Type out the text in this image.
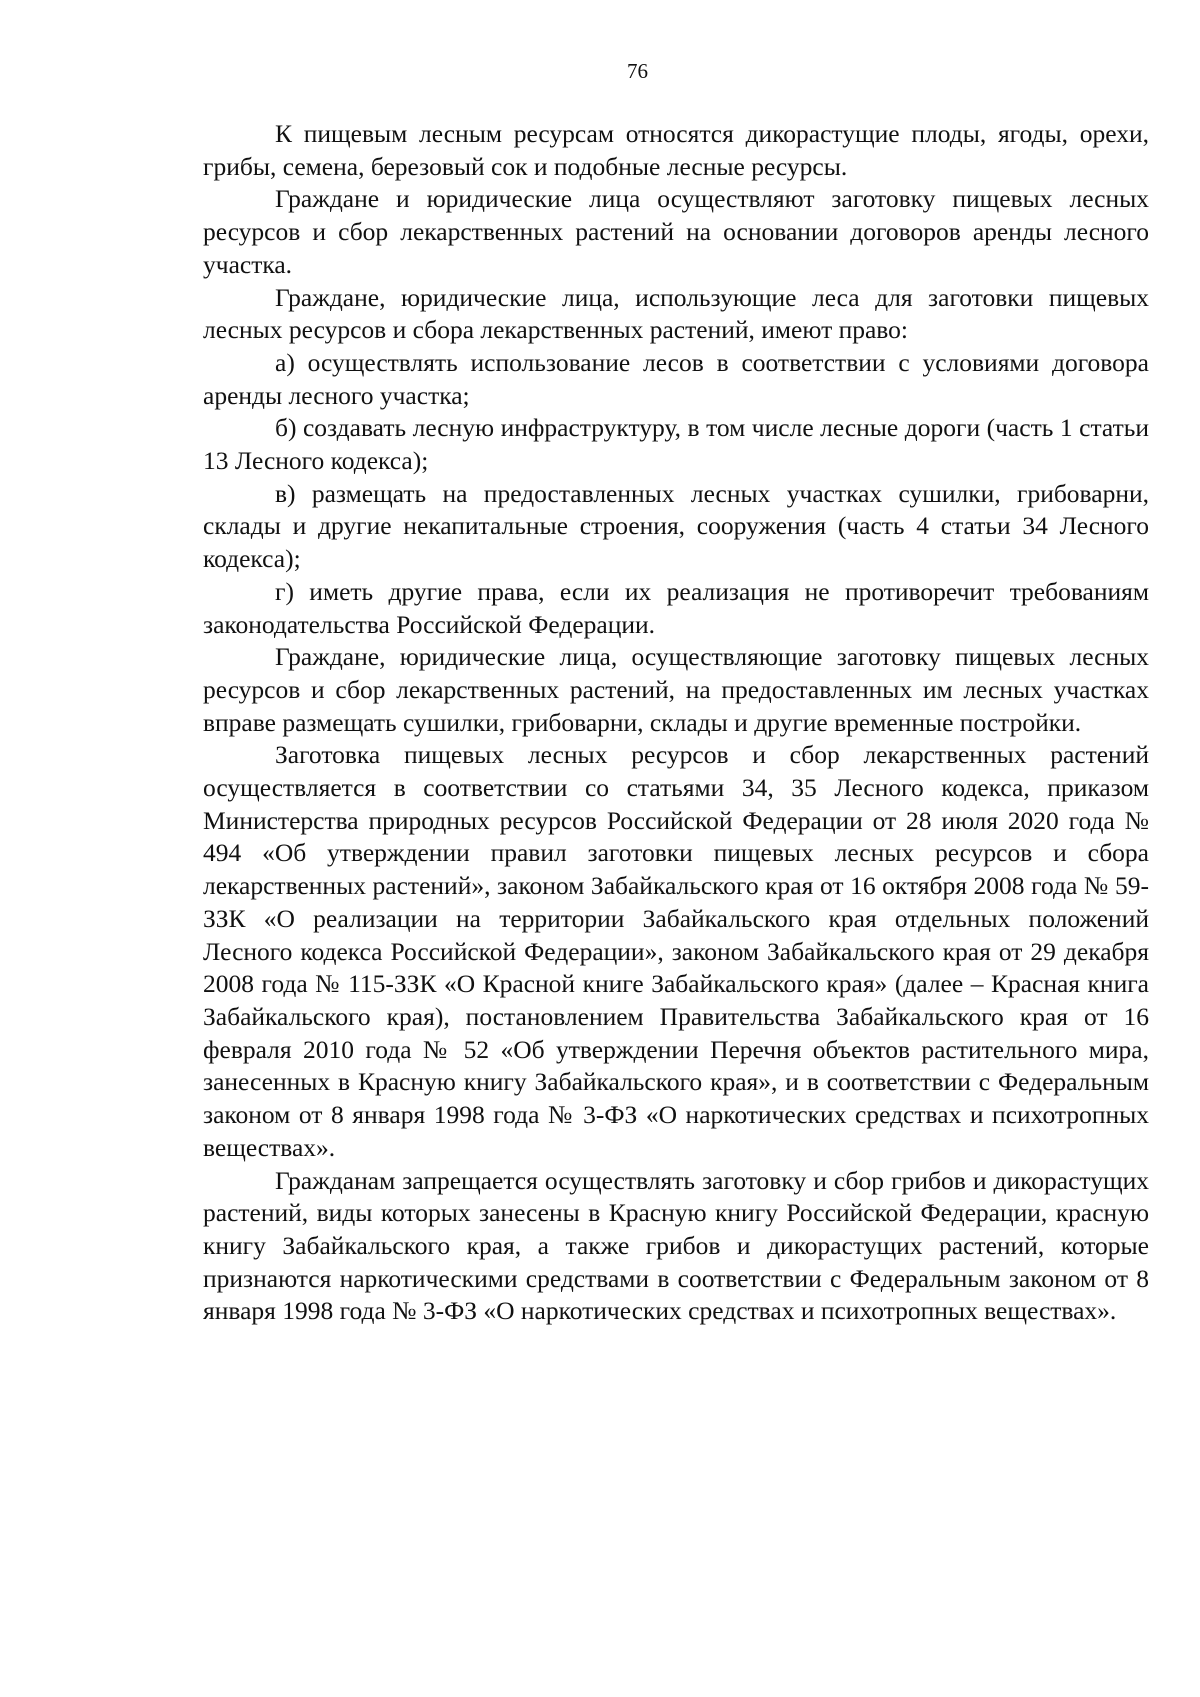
76

К пищевым лесным ресурсам относятся дикорастущие плоды, ягоды, орехи, грибы, семена, березовый сок и подобные лесные ресурсы.

Граждане и юридические лица осуществляют заготовку пищевых лесных ресурсов и сбор лекарственных растений на основании договоров аренды лесного участка.

Граждане, юридические лица, использующие леса для заготовки пищевых лесных ресурсов и сбора лекарственных растений, имеют право:

а) осуществлять использование лесов в соответствии с условиями договора аренды лесного участка;

б) создавать лесную инфраструктуру, в том числе лесные дороги (часть 1 статьи 13 Лесного кодекса);

в) размещать на предоставленных лесных участках сушилки, грибоварни, склады и другие некапитальные строения, сооружения (часть 4 статьи 34 Лесного кодекса);

г) иметь другие права, если их реализация не противоречит требованиям законодательства Российской Федерации.

Граждане, юридические лица, осуществляющие заготовку пищевых лесных ресурсов и сбор лекарственных растений, на предоставленных им лесных участках вправе размещать сушилки, грибоварни, склады и другие временные постройки.

Заготовка пищевых лесных ресурсов и сбор лекарственных растений осуществляется в соответствии со статьями 34, 35 Лесного кодекса, приказом Министерства природных ресурсов Российской Федерации от 28 июля 2020 года № 494 «Об утверждении правил заготовки пищевых лесных ресурсов и сбора лекарственных растений», законом Забайкальского края от 16 октября 2008 года № 59-ЗЗК «О реализации на территории Забайкальского края отдельных положений Лесного кодекса Российской Федерации», законом Забайкальского края от 29 декабря 2008 года № 115-ЗЗК «О Красной книге Забайкальского края» (далее – Красная книга Забайкальского края), постановлением Правительства Забайкальского края от 16 февраля 2010 года № 52 «Об утверждении Перечня объектов растительного мира, занесенных в Красную книгу Забайкальского края», и в соответствии с Федеральным законом от 8 января 1998 года № 3-ФЗ «О наркотических средствах и психотропных веществах».

Гражданам запрещается осуществлять заготовку и сбор грибов и дикорастущих растений, виды которых занесены в Красную книгу Российской Федерации, красную книгу Забайкальского края, а также грибов и дикорастущих растений, которые признаются наркотическими средствами в соответствии с Федеральным законом от 8 января 1998 года № 3-ФЗ «О наркотических средствах и психотропных веществах».
